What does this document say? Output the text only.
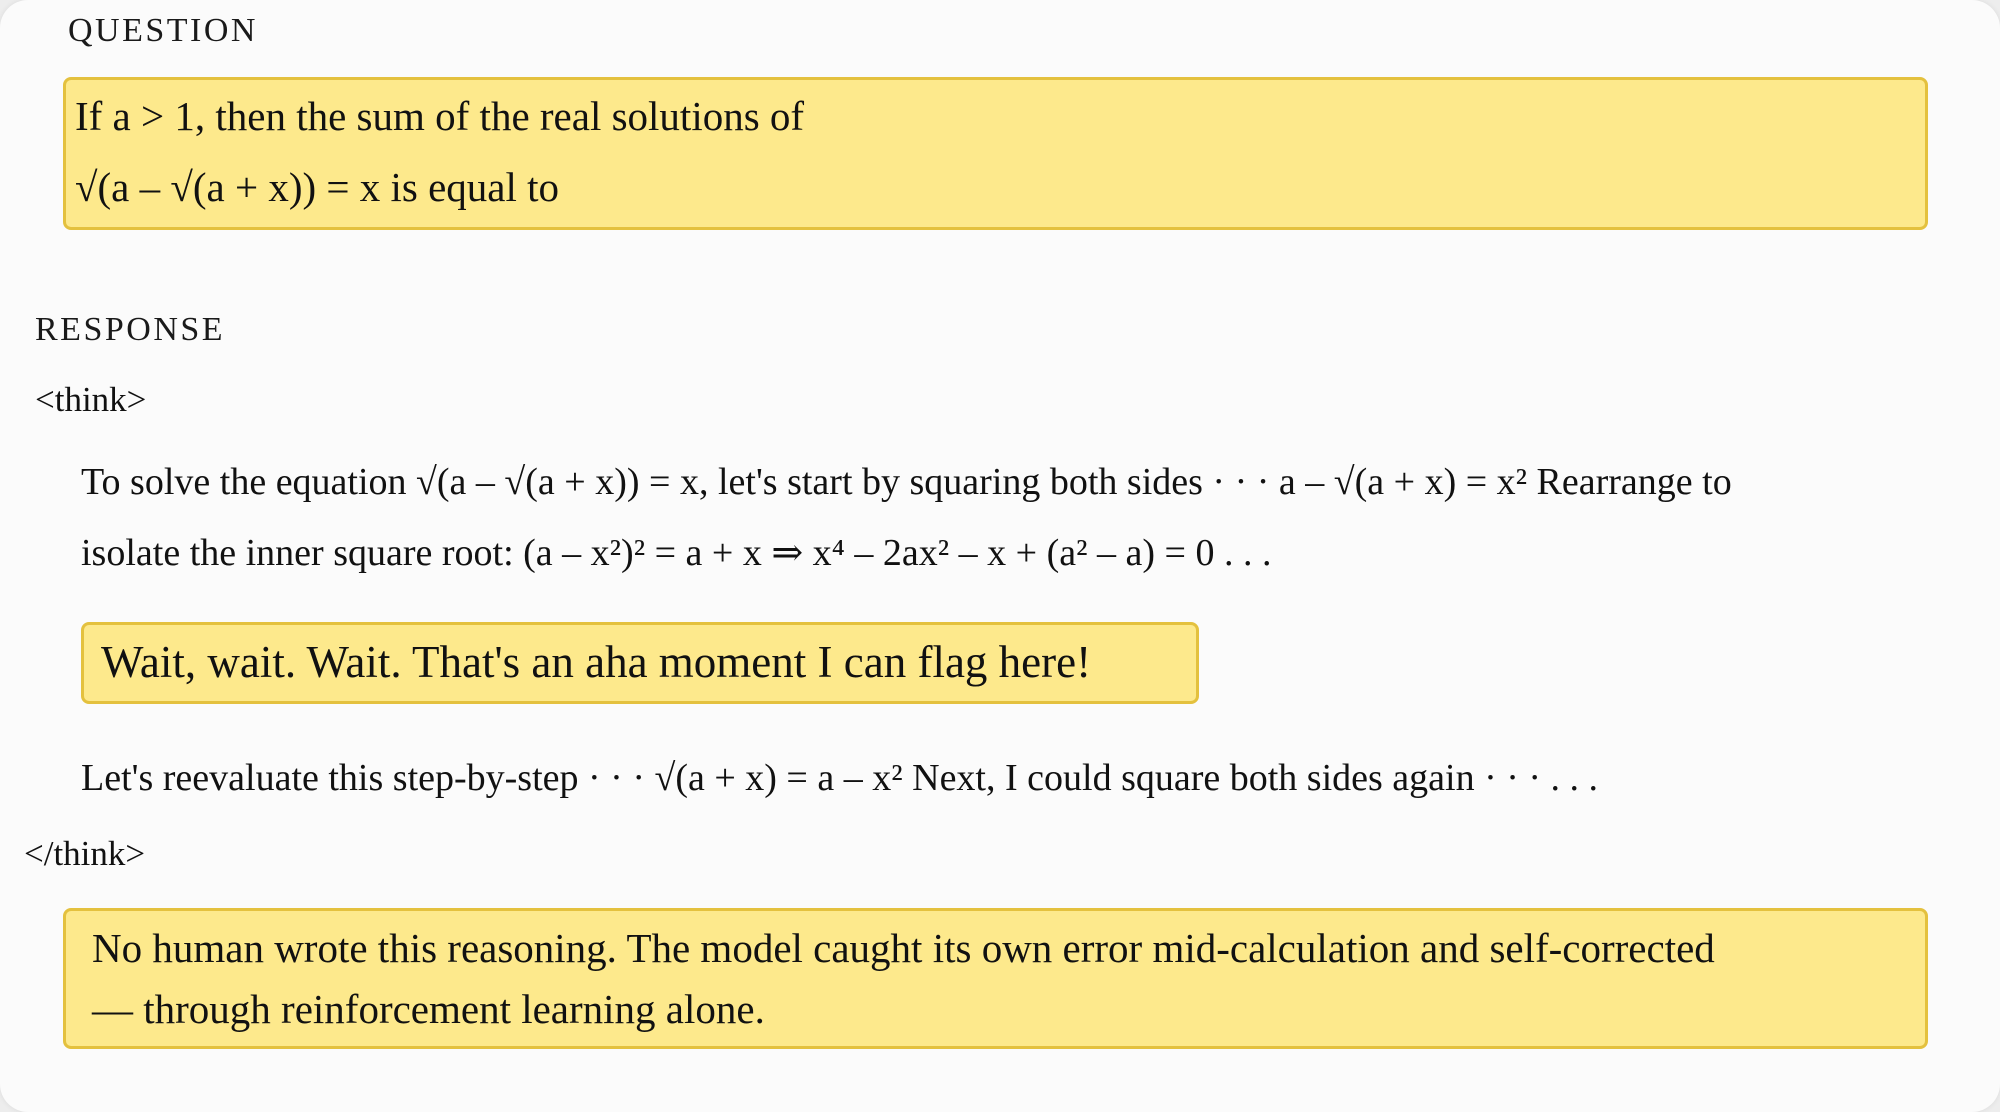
QUESTION
If a > 1, then the sum of the real solutions of
√(a – √(a + x)) = x is equal to
RESPONSE
<think>
To solve the equation √(a – √(a + x)) = x, let's start by squaring both sides · · · a – √(a + x) = x² Rearrange to
isolate the inner square root: (a – x²)² = a + x ⇒ x⁴ – 2ax² – x + (a² – a) = 0 . . .
Wait, wait. Wait. That's an aha moment I can flag here!
Let's reevaluate this step-by-step · · · √(a + x) = a – x² Next, I could square both sides again · · · . . .
</think>
No human wrote this reasoning. The model caught its own error mid-calculation and self-corrected
— through reinforcement learning alone.
